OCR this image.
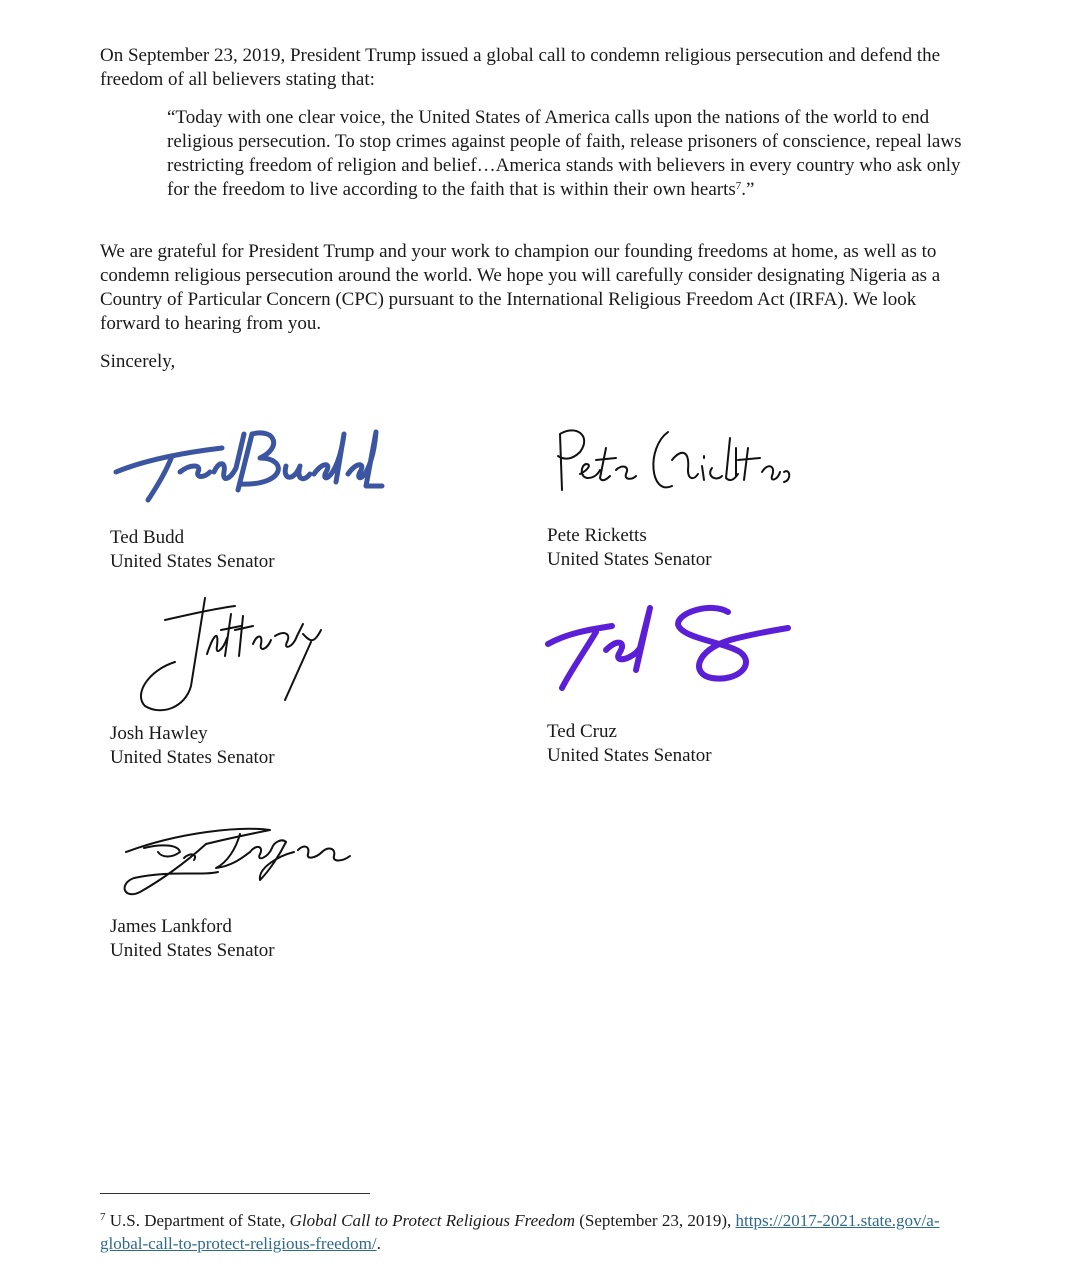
On September 23, 2019, President Trump issued a global call to condemn religious persecution and defend the freedom of all believers stating that:

“Today with one clear voice, the United States of America calls upon the nations of the world to end religious persecution. To stop crimes against people of faith, release prisoners of conscience, repeal laws restricting freedom of religion and belief…America stands with believers in every country who ask only for the freedom to live according to the faith that is within their own hearts$^7$.”

We are grateful for President Trump and your work to champion our founding freedoms at home, as well as to condemn religious persecution around the world. We hope you will carefully consider designating Nigeria as a Country of Particular Concern (CPC) pursuant to the International Religious Freedom Act (IRFA). We look forward to hearing from you.

Sincerely,

Ted Budd
United States Senator
Pete Ricketts
United States Senator
Josh Hawley
United States Senator
Ted Cruz
United States Senator
James Lankford
United States Senator
$^7$ U.S. Department of State, Global Call to Protect Religious Freedom (September 23, 2019), https://2017-2021.state.gov/a-global-call-to-protect-religious-freedom/.
